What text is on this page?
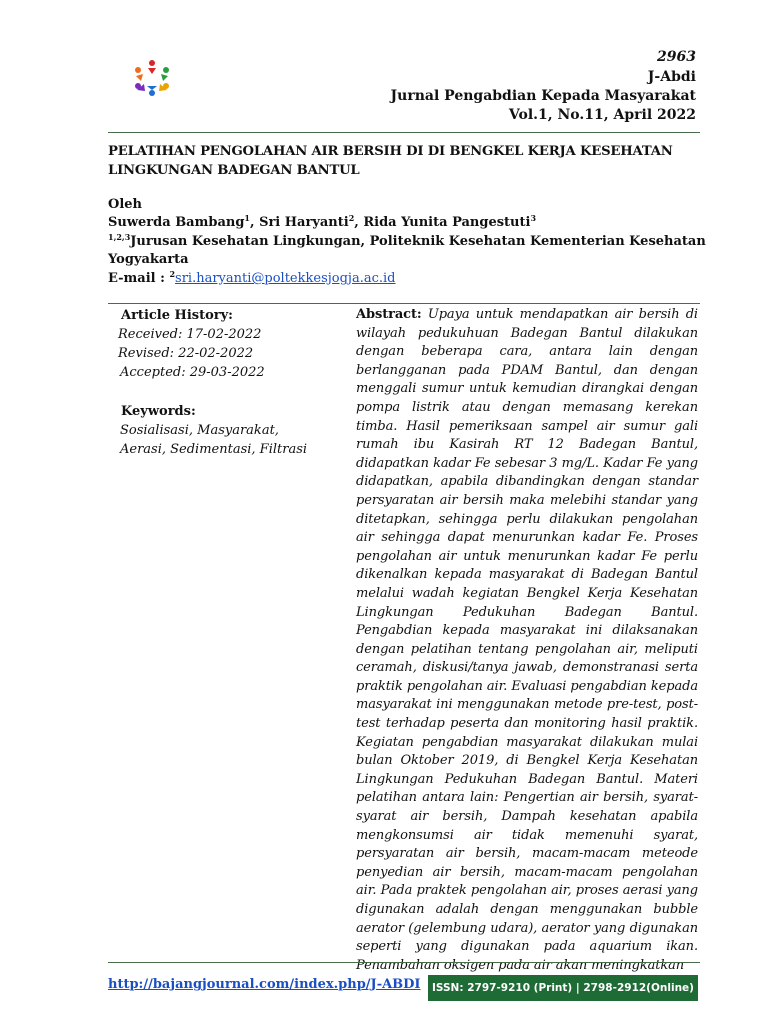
2963
J-Abdi
Jurnal Pengabdian Kepada Masyarakat
Vol.1, No.11, April 2022
PELATIHAN PENGOLAHAN AIR BERSIH DI DI BENGKEL KERJA KESEHATAN LINGKUNGAN BADEGAN BANTUL
Oleh
Suwerda Bambang$^1$, Sri Haryanti$^2$, Rida Yunita Pangestuti$^3$
$^{1,2,3}$Jurusan Kesehatan Lingkungan, Politeknik Kesehatan Kementerian Kesehatan
Yogyakarta
E-mail : $^2$sri.haryanti@poltekkesjogja.ac.id
Article History:
Received: 17-02-2022
Revised: 22-02-2022
Accepted: 29-03-2022
Keywords:
Sosialisasi, Masyarakat,
Aerasi, Sedimentasi, Filtrasi
Abstract: Upaya untuk mendapatkan air bersih di wilayah pedukuhuan Badegan Bantul dilakukan dengan beberapa cara, antara lain dengan berlangganan pada PDAM Bantul, dan dengan menggali sumur untuk kemudian dirangkai dengan pompa listrik atau dengan memasang kerekan timba. Hasil pemeriksaan sampel air sumur gali rumah ibu Kasirah RT 12 Badegan Bantul, didapatkan kadar Fe sebesar 3 mg/L. Kadar Fe yang didapatkan, apabila dibandingkan dengan standar persyaratan air bersih maka melebihi standar yang ditetapkan, sehingga perlu dilakukan pengolahan air sehingga dapat menurunkan kadar Fe. Proses pengolahan air untuk menurunkan kadar Fe perlu dikenalkan kepada masyarakat di Badegan Bantul melalui wadah kegiatan Bengkel Kerja Kesehatan Lingkungan Pedukuhan Badegan Bantul. Pengabdian kepada masyarakat ini dilaksanakan dengan pelatihan tentang pengolahan air, meliputi ceramah, diskusi/tanya jawab, demonstranasi serta praktik pengolahan air. Evaluasi pengabdian kepada masyarakat ini menggunakan metode pre-test, post-test terhadap peserta dan monitoring hasil praktik. Kegiatan pengabdian masyarakat dilakukan mulai bulan Oktober 2019, di Bengkel Kerja Kesehatan Lingkungan Pedukuhan Badegan Bantul. Materi pelatihan antara lain: Pengertian air bersih, syarat-syarat air bersih, Dampah kesehatan apabila mengkonsumsi air tidak memenuhi syarat, persyaratan air bersih, macam-macam meteode penyedian air bersih, macam-macam pengolahan air. Pada praktek pengolahan air, proses aerasi yang digunakan adalah dengan menggunakan bubble aerator (gelembung udara), aerator yang digunakan seperti yang digunakan pada aquarium ikan. Penambahan oksigen pada air akan meningkatkan
http://bajangjournal.com/index.php/J-ABDI	ISSN: 2797-9210 (Print) | 2798-2912(Online)
